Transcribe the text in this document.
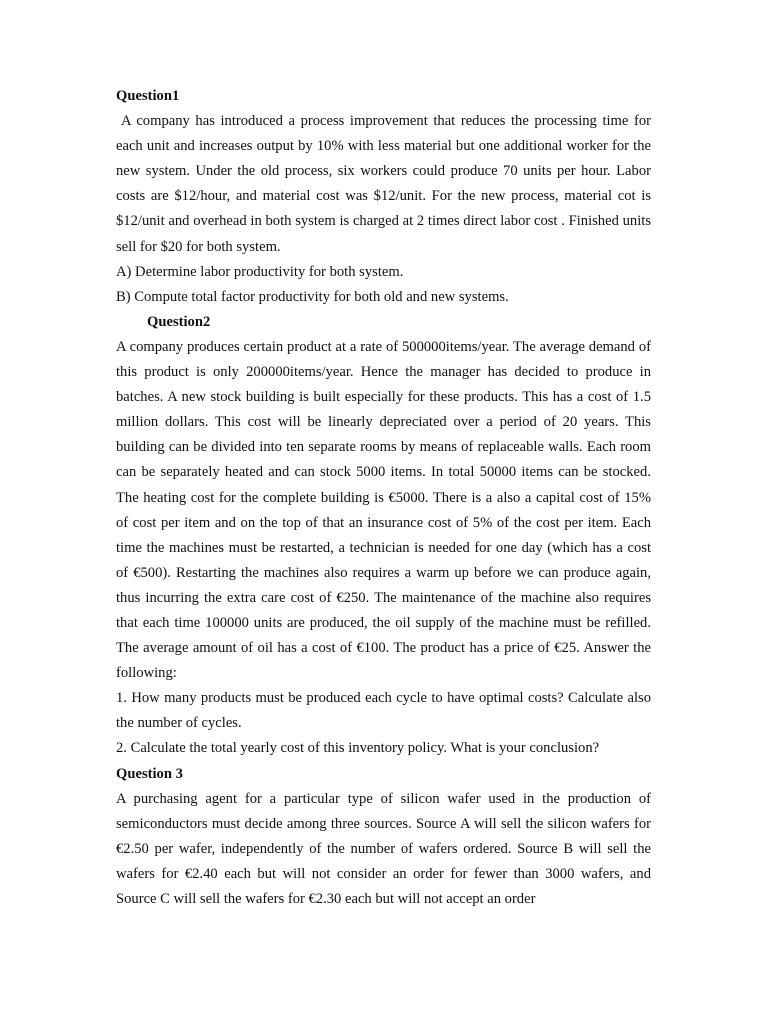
Question1

A company has introduced a process improvement that reduces the processing time for each unit and increases output by 10% with less material but one additional worker for the new system. Under the old process, six workers could produce 70 units per hour. Labor costs are $12/hour, and material cost was $12/unit. For the new process, material cot is $12/unit and overhead in both system is charged at 2 times direct labor cost . Finished units sell for $20 for both system.

A) Determine labor productivity for both system.

B) Compute total factor productivity for both old and new systems.

Question2

A company produces certain product at a rate of 500000items/year. The average demand of this product is only 200000items/year. Hence the manager has decided to produce in batches. A new stock building is built especially for these products. This has a cost of 1.5 million dollars. This cost will be linearly depreciated over a period of 20 years. This building can be divided into ten separate rooms by means of replaceable walls. Each room can be separately heated and can stock 5000 items. In total 50000 items can be stocked. The heating cost for the complete building is €5000. There is a also a capital cost of 15% of cost per item and on the top of that an insurance cost of 5% of the cost per item. Each time the machines must be restarted, a technician is needed for one day (which has a cost of €500). Restarting the machines also requires a warm up before we can produce again, thus incurring the extra care cost of €250. The maintenance of the machine also requires that each time 100000 units are produced, the oil supply of the machine must be refilled. The average amount of oil has a cost of €100. The product has a price of €25. Answer the following:

1. How many products must be produced each cycle to have optimal costs? Calculate also the number of cycles.

2. Calculate the total yearly cost of this inventory policy. What is your conclusion?

Question 3

A purchasing agent for a particular type of silicon wafer used in the production of semiconductors must decide among three sources. Source A will sell the silicon wafers for €2.50 per wafer, independently of the number of wafers ordered. Source B will sell the wafers for €2.40 each but will not consider an order for fewer than 3000 wafers, and Source C will sell the wafers for €2.30 each but will not accept an order
